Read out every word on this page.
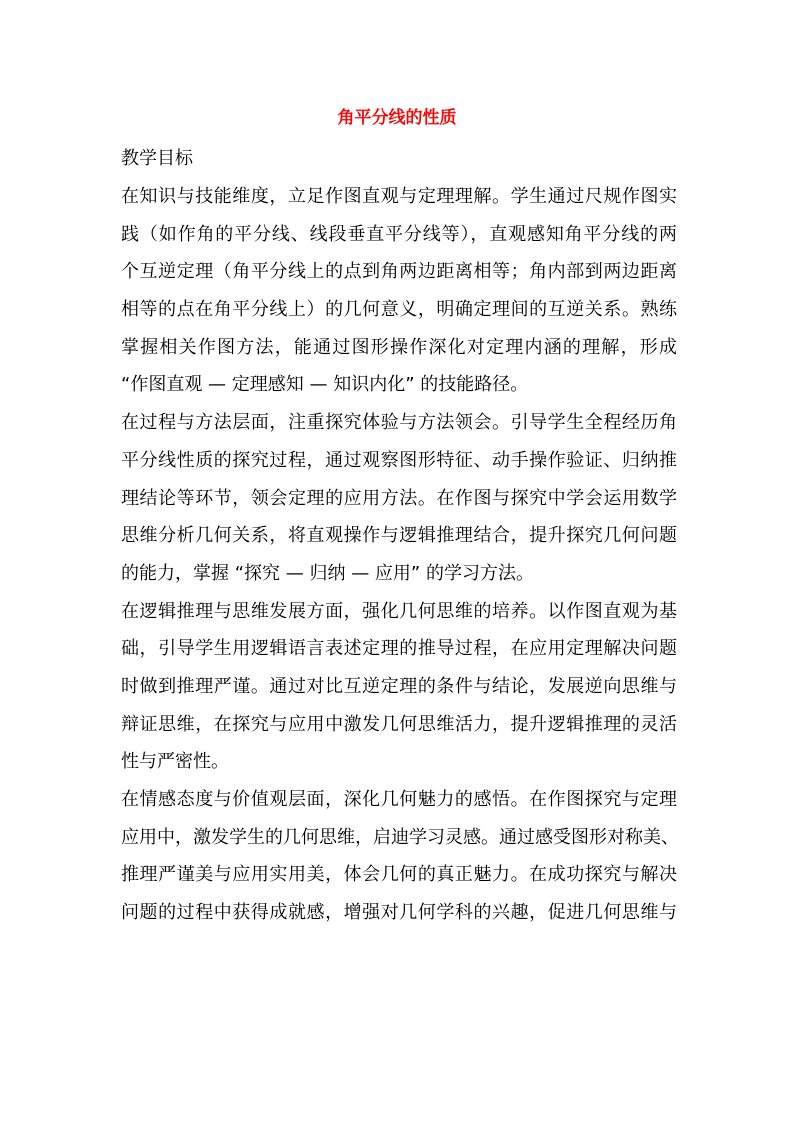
角平分线的性质
教学目标
在知识与技能维度，立足作图直观与定理理解。学生通过尺规作图实
践（如作角的平分线、线段垂直平分线等），直观感知角平分线的两
个互逆定理（角平分线上的点到角两边距离相等；角内部到两边距离
相等的点在角平分线上）的几何意义，明确定理间的互逆关系。熟练
掌握相关作图方法，能通过图形操作深化对定理内涵的理解，形成
“作图直观 — 定理感知 — 知识内化” 的技能路径。
在过程与方法层面，注重探究体验与方法领会。引导学生全程经历角
平分线性质的探究过程，通过观察图形特征、动手操作验证、归纳推
理结论等环节，领会定理的应用方法。在作图与探究中学会运用数学
思维分析几何关系，将直观操作与逻辑推理结合，提升探究几何问题
的能力，掌握 “探究 — 归纳 — 应用” 的学习方法。
在逻辑推理与思维发展方面，强化几何思维的培养。以作图直观为基
础，引导学生用逻辑语言表述定理的推导过程，在应用定理解决问题
时做到推理严谨。通过对比互逆定理的条件与结论，发展逆向思维与
辩证思维，在探究与应用中激发几何思维活力，提升逻辑推理的灵活
性与严密性。
在情感态度与价值观层面，深化几何魅力的感悟。在作图探究与定理
应用中，激发学生的几何思维，启迪学习灵感。通过感受图形对称美、
推理严谨美与应用实用美，体会几何的真正魅力。在成功探究与解决
问题的过程中获得成就感，增强对几何学科的兴趣，促进几何思维与
